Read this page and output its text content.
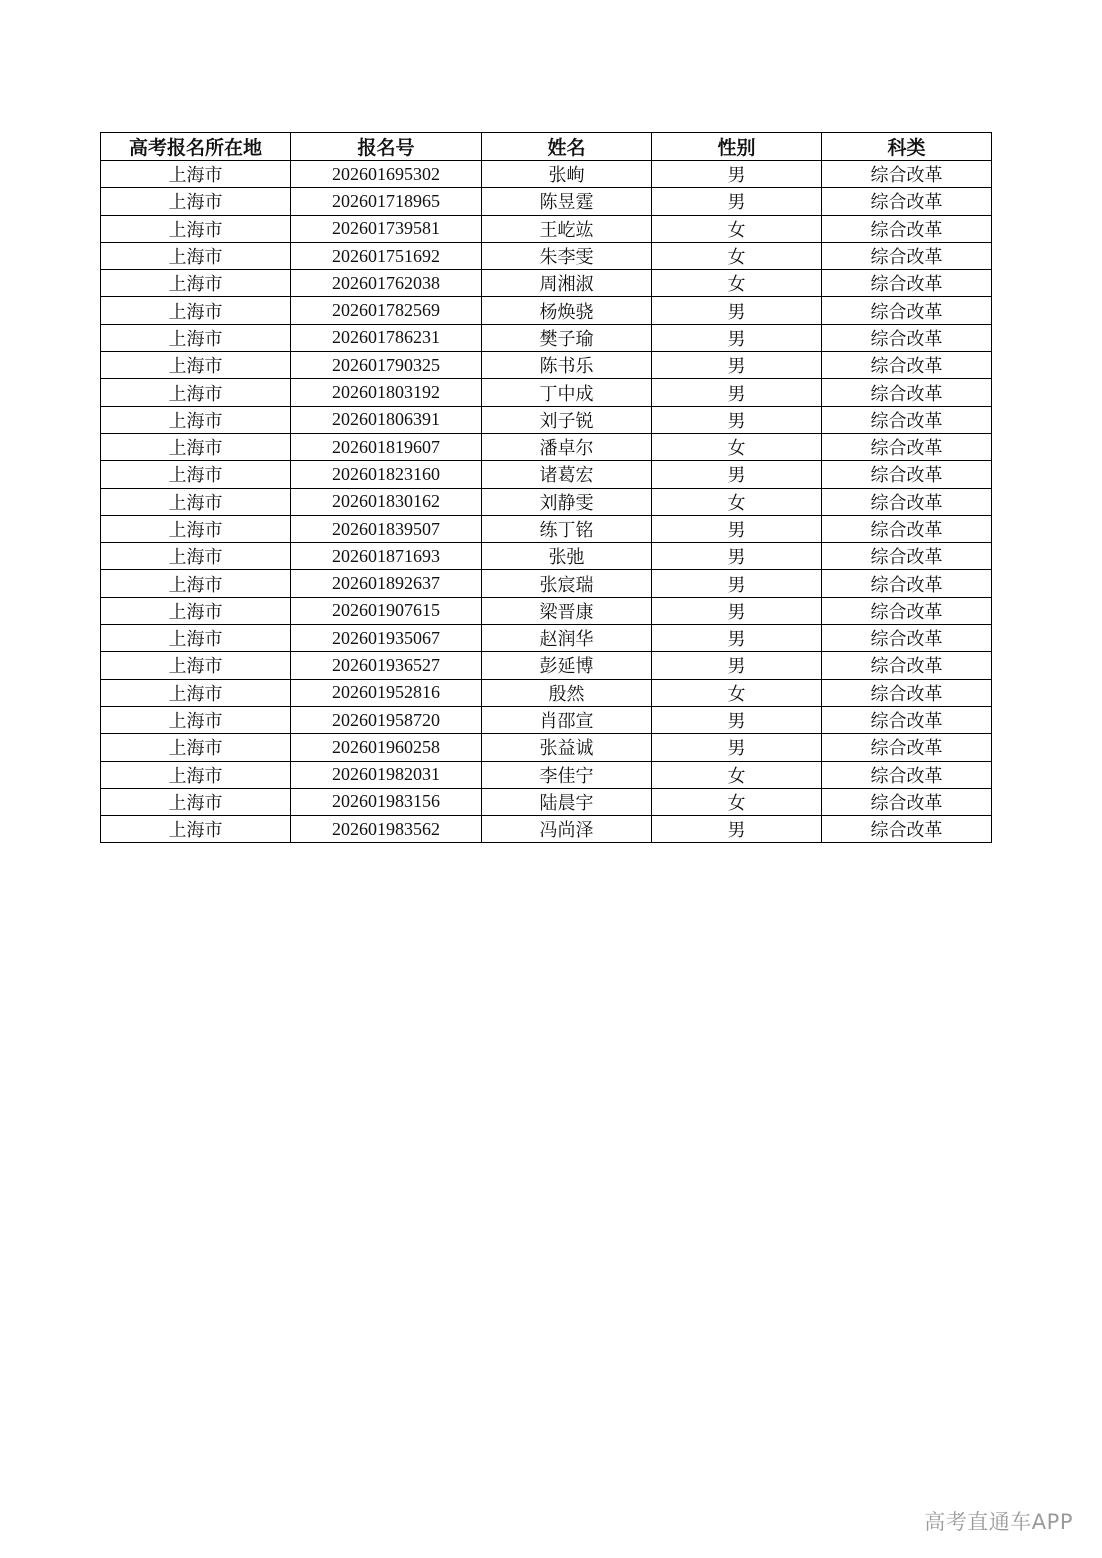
高考报名所在地	报名号	姓名	性别	科类
上海市	202601695302	张峋	男	综合改革
上海市	202601718965	陈昱霆	男	综合改革
上海市	202601739581	王屹竑	女	综合改革
上海市	202601751692	朱李雯	女	综合改革
上海市	202601762038	周湘淑	女	综合改革
上海市	202601782569	杨焕骁	男	综合改革
上海市	202601786231	樊子瑜	男	综合改革
上海市	202601790325	陈书乐	男	综合改革
上海市	202601803192	丁中成	男	综合改革
上海市	202601806391	刘子锐	男	综合改革
上海市	202601819607	潘卓尔	女	综合改革
上海市	202601823160	诸葛宏	男	综合改革
上海市	202601830162	刘静雯	女	综合改革
上海市	202601839507	练丁铭	男	综合改革
上海市	202601871693	张弛	男	综合改革
上海市	202601892637	张宸瑞	男	综合改革
上海市	202601907615	梁晋康	男	综合改革
上海市	202601935067	赵润华	男	综合改革
上海市	202601936527	彭延博	男	综合改革
上海市	202601952816	殷然	女	综合改革
上海市	202601958720	肖邵宣	男	综合改革
上海市	202601960258	张益诚	男	综合改革
上海市	202601982031	李佳宁	女	综合改革
上海市	202601983156	陆晨宇	女	综合改革
上海市	202601983562	冯尚泽	男	综合改革
高考直通车APP
